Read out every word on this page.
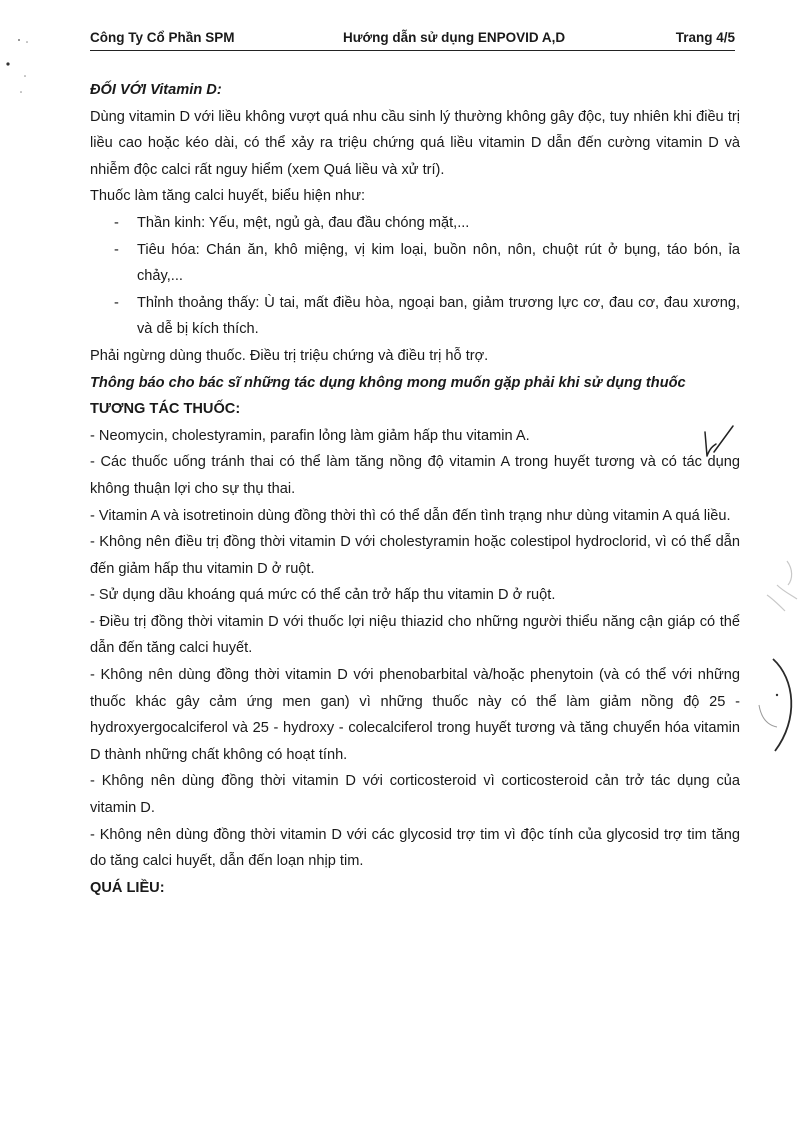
Công Ty Cổ Phần SPM	Hướng dẫn sử dụng ENPOVID A,D	Trang 4/5

ĐỐI VỚI Vitamin D:

Dùng vitamin D với liều không vượt quá nhu cầu sinh lý thường không gây độc, tuy nhiên khi điều trị liều cao hoặc kéo dài, có thể xảy ra triệu chứng quá liều vitamin D dẫn đến cường vitamin D và nhiễm độc calci rất nguy hiểm (xem Quá liều và xử trí).

Thuốc làm tăng calci huyết, biểu hiện như:

- Thần kinh: Yếu, mệt, ngủ gà, đau đầu chóng mặt,...

- Tiêu hóa: Chán ăn, khô miệng, vị kim loại, buồn nôn, nôn, chuột rút ở bụng, táo bón, ỉa chảy,...

- Thỉnh thoảng thấy: Ù tai, mất điều hòa, ngoại ban, giảm trương lực cơ, đau cơ, đau xương, và dễ bị kích thích.

Phải ngừng dùng thuốc. Điều trị triệu chứng và điều trị hỗ trợ.

Thông báo cho bác sĩ những tác dụng không mong muốn gặp phải khi sử dụng thuốc

TƯƠNG TÁC THUỐC:

- Neomycin, cholestyramin, parafin lỏng làm giảm hấp thu vitamin A.

- Các thuốc uống tránh thai có thể làm tăng nồng độ vitamin A trong huyết tương và có tác dụng không thuận lợi cho sự thụ thai.

- Vitamin A và isotretinoin dùng đồng thời thì có thể dẫn đến tình trạng như dùng vitamin A quá liều.

- Không nên điều trị đồng thời vitamin D với cholestyramin hoặc colestipol hydroclorid, vì có thể dẫn đến giảm hấp thu vitamin D ở ruột.

- Sử dụng dầu khoáng quá mức có thể cản trở hấp thu vitamin D ở ruột.

- Điều trị đồng thời vitamin D với thuốc lợi niệu thiazid cho những người thiểu năng cận giáp có thể dẫn đến tăng calci huyết.

- Không nên dùng đồng thời vitamin D với phenobarbital và/hoặc phenytoin (và có thể với những thuốc khác gây cảm ứng men gan) vì những thuốc này có thể làm giảm nồng độ 25 - hydroxyergocalciferol và 25 - hydroxy - colecalciferol trong huyết tương và tăng chuyển hóa vitamin D thành những chất không có hoạt tính.

- Không nên dùng đồng thời vitamin D với corticosteroid vì corticosteroid cản trở tác dụng của vitamin D.

- Không nên dùng đồng thời vitamin D với các glycosid trợ tim vì độc tính của glycosid trợ tim tăng do tăng calci huyết, dẫn đến loạn nhịp tim.

QUÁ LIỀU:
